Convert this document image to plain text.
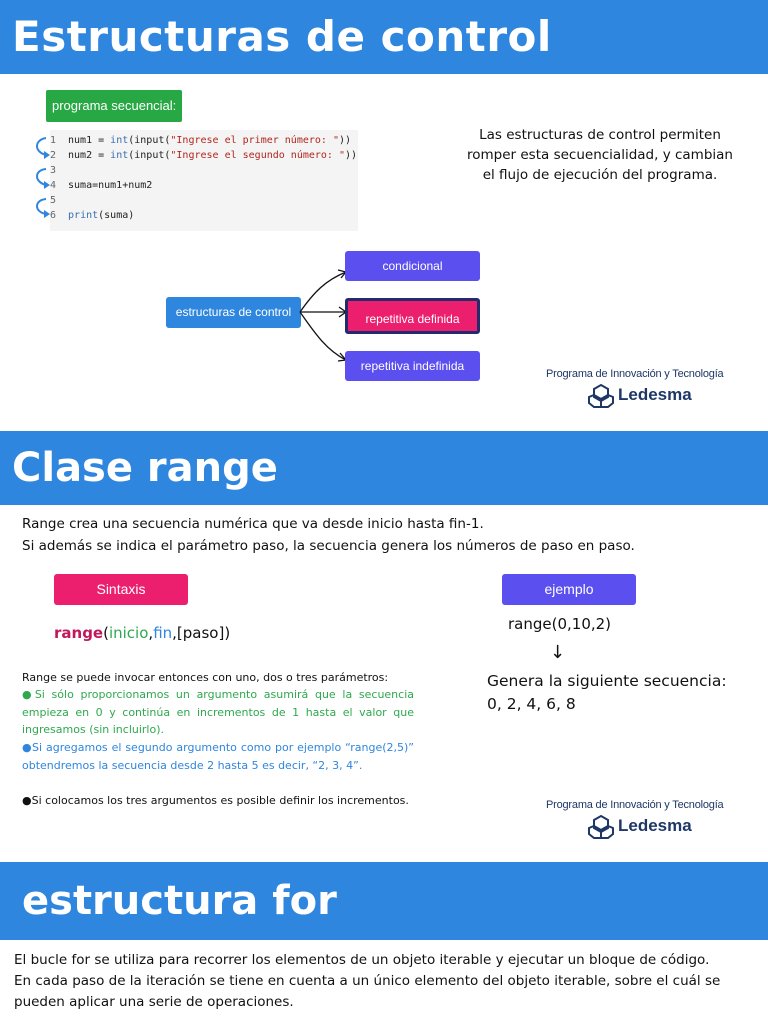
Estructuras de control
programa secuencial:
1 num1 = int(input("Ingrese el primer número: "))
2 num2 = int(input("Ingrese el segundo número: "))
3
4 suma=num1+num2
5
6 print(suma)
Las estructuras de control permiten romper esta secuencialidad, y cambian el flujo de ejecución del programa.
estructuras de control
condicional
repetitiva definida
repetitiva indefinida
Programa de Innovación y Tecnología
Ledesma
Clase range
Range crea una secuencia numérica que va desde inicio hasta fin-1.
Si además se indica el parámetro paso, la secuencia genera los números de paso en paso.
Sintaxis
range(inicio,fin,[paso])
Range se puede invocar entonces con uno, dos o tres parámetros:
●Si sólo proporcionamos un argumento asumirá que la secuencia empieza en 0 y continúa en incrementos de 1 hasta el valor que ingresamos (sin incluirlo).
●Si agregamos el segundo argumento como por ejemplo “range(2,5)” obtendremos la secuencia desde 2 hasta 5 es decir, “2, 3, 4”.
●Si colocamos los tres argumentos es posible definir los incrementos.
ejemplo
range(0,10,2)
↓
Genera la siguiente secuencia:
0, 2, 4, 6, 8
Programa de Innovación y Tecnología
Ledesma
estructura for
El bucle for se utiliza para recorrer los elementos de un objeto iterable y ejecutar un bloque de código.
En cada paso de la iteración se tiene en cuenta a un único elemento del objeto iterable, sobre el cuál se pueden aplicar una serie de operaciones.
